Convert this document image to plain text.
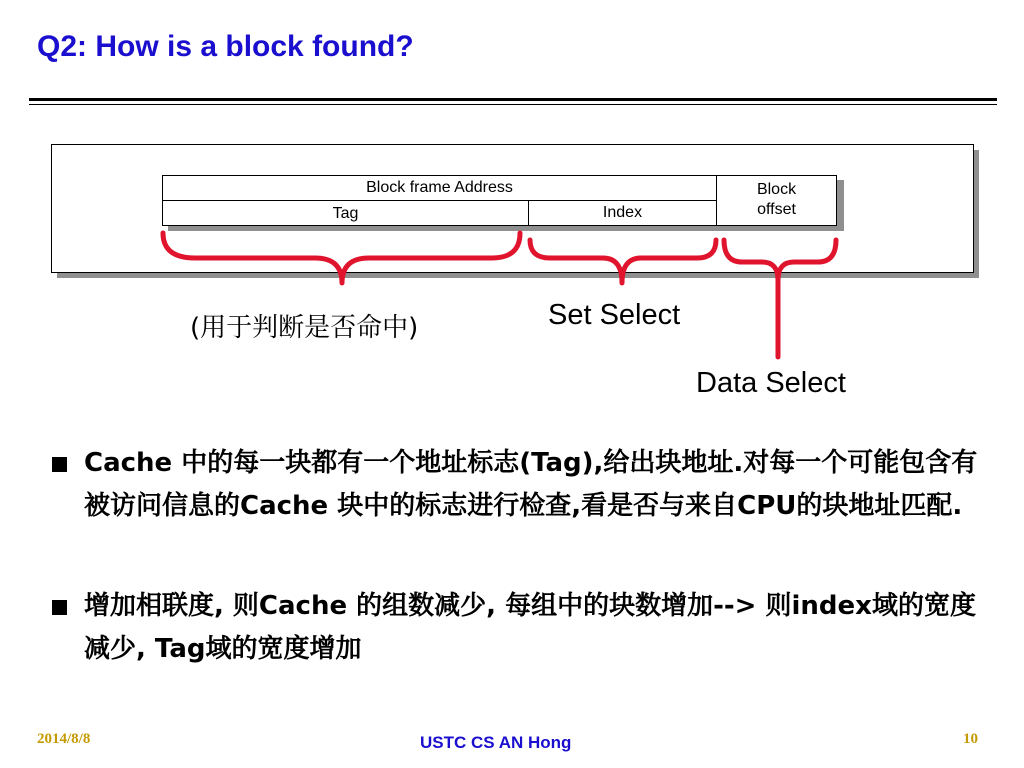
Q2: How is a block found?
Block frame Address
Tag	Index
Block
offset
(用于判断是否命中)	Set Select
Data Select
Cache 中的每一块都有一个地址标志(Tag),给出块地址.对每一个可能包含有被访问信息的Cache 块中的标志进行检查,看是否与来自CPU的块地址匹配.
增加相联度, 则Cache 的组数减少, 每组中的块数增加--> 则index域的宽度减少, Tag域的宽度增加
2014/8/8	USTC CS AN Hong	10
